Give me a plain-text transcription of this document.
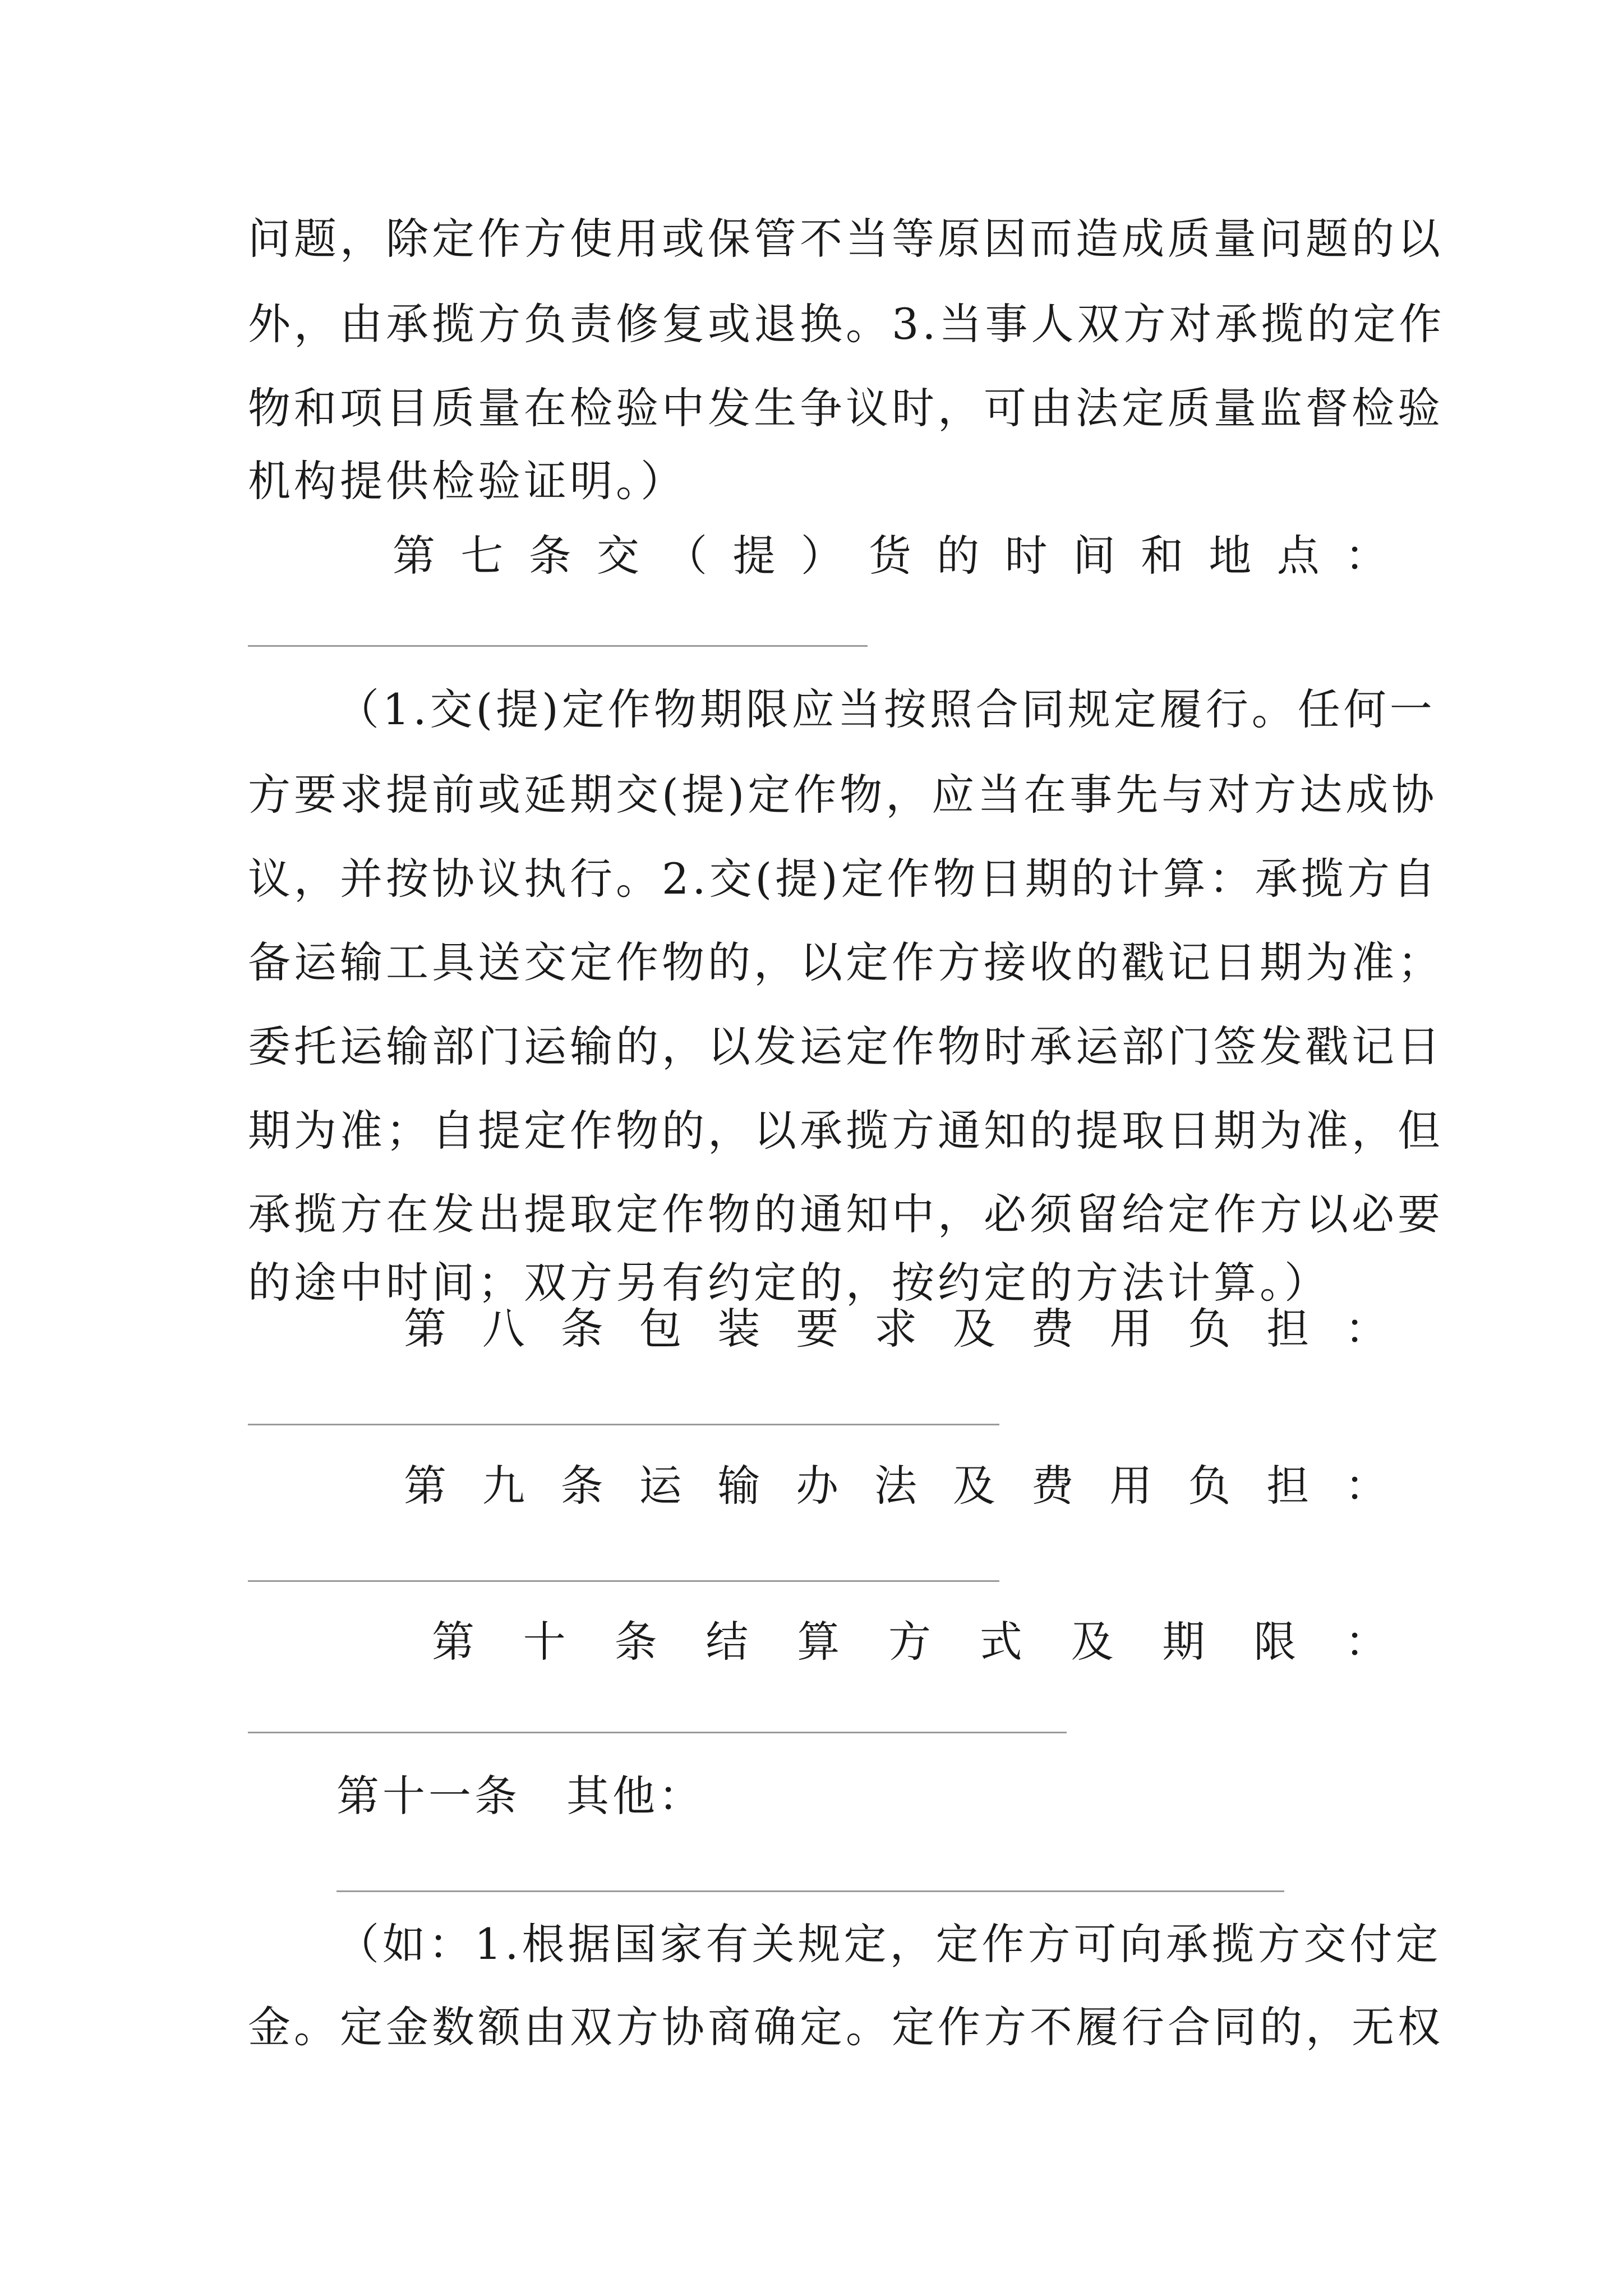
问题，除定作方使用或保管不当等原因而造成质量问题的以
外，由承揽方负责修复或退换。3.当事人双方对承揽的定作
物和项目质量在检验中发生争议时，可由法定质量监督检验
机构提供检验证明。）
第七条交（提）货的时间和地点：
（1.交(提)定作物期限应当按照合同规定履行。任何一
方要求提前或延期交(提)定作物，应当在事先与对方达成协
议，并按协议执行。2.交(提)定作物日期的计算：承揽方自
备运输工具送交定作物的，以定作方接收的戳记日期为准；
委托运输部门运输的，以发运定作物时承运部门签发戳记日
期为准；自提定作物的，以承揽方通知的提取日期为准，但
承揽方在发出提取定作物的通知中，必须留给定作方以必要
的途中时间；双方另有约定的，按约定的方法计算。）
第八条包装要求及费用负担：
第九条运输办法及费用负担：
第十条结算方式及期限：
第十一条　其他：
（如：1.根据国家有关规定，定作方可向承揽方交付定
金。定金数额由双方协商确定。定作方不履行合同的，无权
